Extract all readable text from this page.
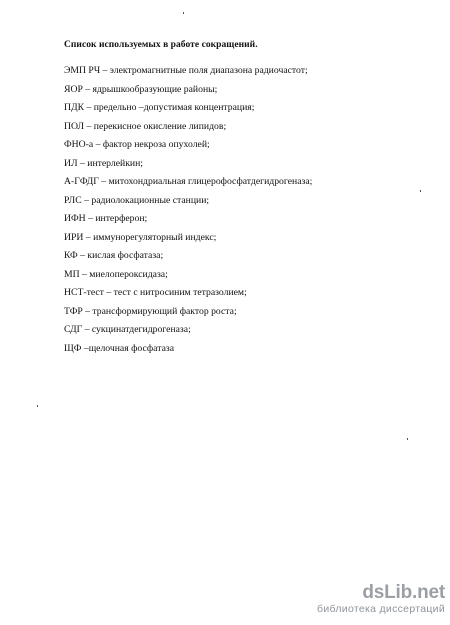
Список используемых в работе сокращений.
ЭМП РЧ – электромагнитные поля диапазона радиочастот;
ЯОР – ядрышкообразующие районы;
ПДК – предельно –допустимая концентрация;
ПОЛ – перекисное окисление липидов;
ФНО-а – фактор некроза опухолей;
ИЛ – интерлейкин;
А-ГФДГ – митохондриальная глицерофосфатдегидрогеназа;
РЛС – радиолокационные станции;
ИФН – интерферон;
ИРИ – иммунорегуляторный индекс;
КФ – кислая фосфатаза;
МП – миелопероксидаза;
НСТ-тест – тест с нитросиним тетразолием;
ТФР – трансформирующий фактор роста;
СДГ – сукцинатдегидрогеназа;
ЩФ –щелочная фосфатаза
dsLib.net
библиотека диссертаций
